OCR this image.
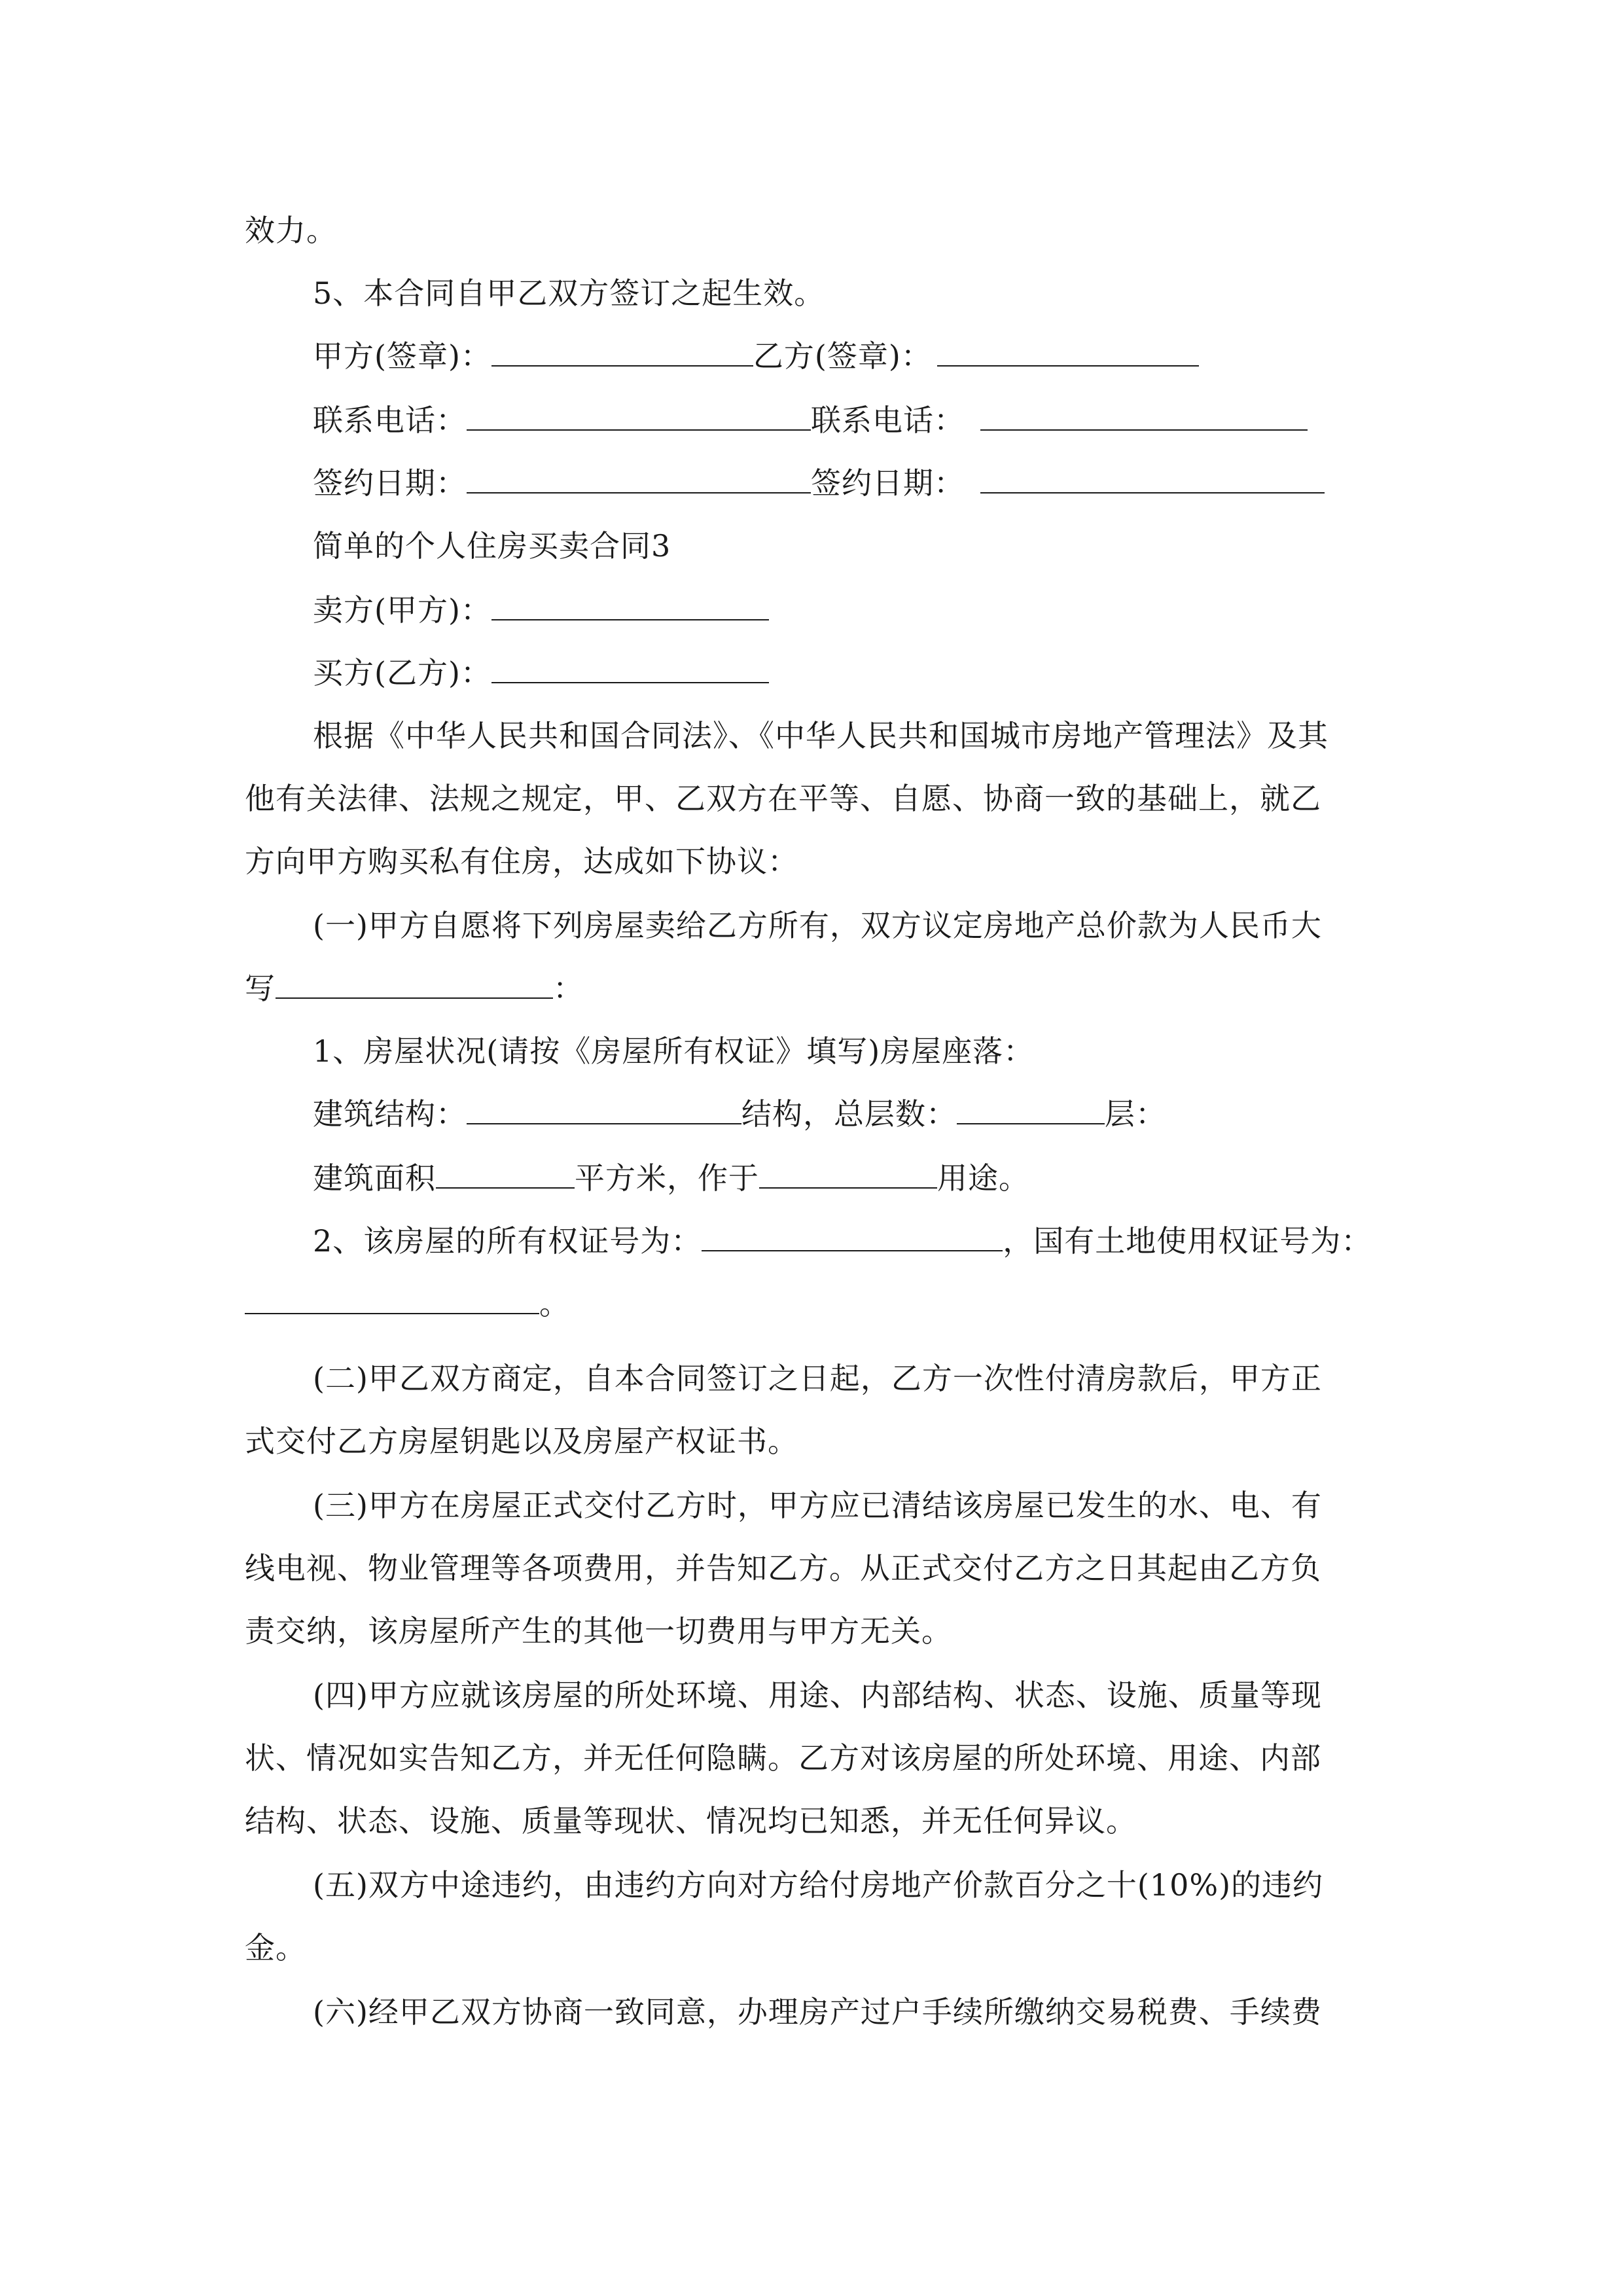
效力。
5、本合同自甲乙双方签订之起生效。
甲方(签章)：	乙方(签章)：
联系电话：	联系电话：
签约日期：	签约日期：
简单的个人住房买卖合同3
卖方(甲方)：
买方(乙方)：
根据《中华人民共和国合同法》、《中华人民共和国城市房地产管理法》及其
他有关法律、法规之规定，甲、乙双方在平等、自愿、协商一致的基础上，就乙
方向甲方购买私有住房，达成如下协议：
(一)甲方自愿将下列房屋卖给乙方所有，双方议定房地产总价款为人民币大
写	：
1、房屋状况(请按《房屋所有权证》填写)房屋座落：
建筑结构：	结构，总层数：	层：
建筑面积	平方米，作于	用途。
2、该房屋的所有权证号为：	，国有土地使用权证号为：
。
(二)甲乙双方商定，自本合同签订之日起，乙方一次性付清房款后，甲方正
式交付乙方房屋钥匙以及房屋产权证书。
(三)甲方在房屋正式交付乙方时，甲方应已清结该房屋已发生的水、电、有
线电视、物业管理等各项费用，并告知乙方。从正式交付乙方之日其起由乙方负
责交纳，该房屋所产生的其他一切费用与甲方无关。
(四)甲方应就该房屋的所处环境、用途、内部结构、状态、设施、质量等现
状、情况如实告知乙方，并无任何隐瞒。乙方对该房屋的所处环境、用途、内部
结构、状态、设施、质量等现状、情况均已知悉，并无任何异议。
(五)双方中途违约，由违约方向对方给付房地产价款百分之十(10%)的违约
金。
(六)经甲乙双方协商一致同意，办理房产过户手续所缴纳交易税费、手续费
